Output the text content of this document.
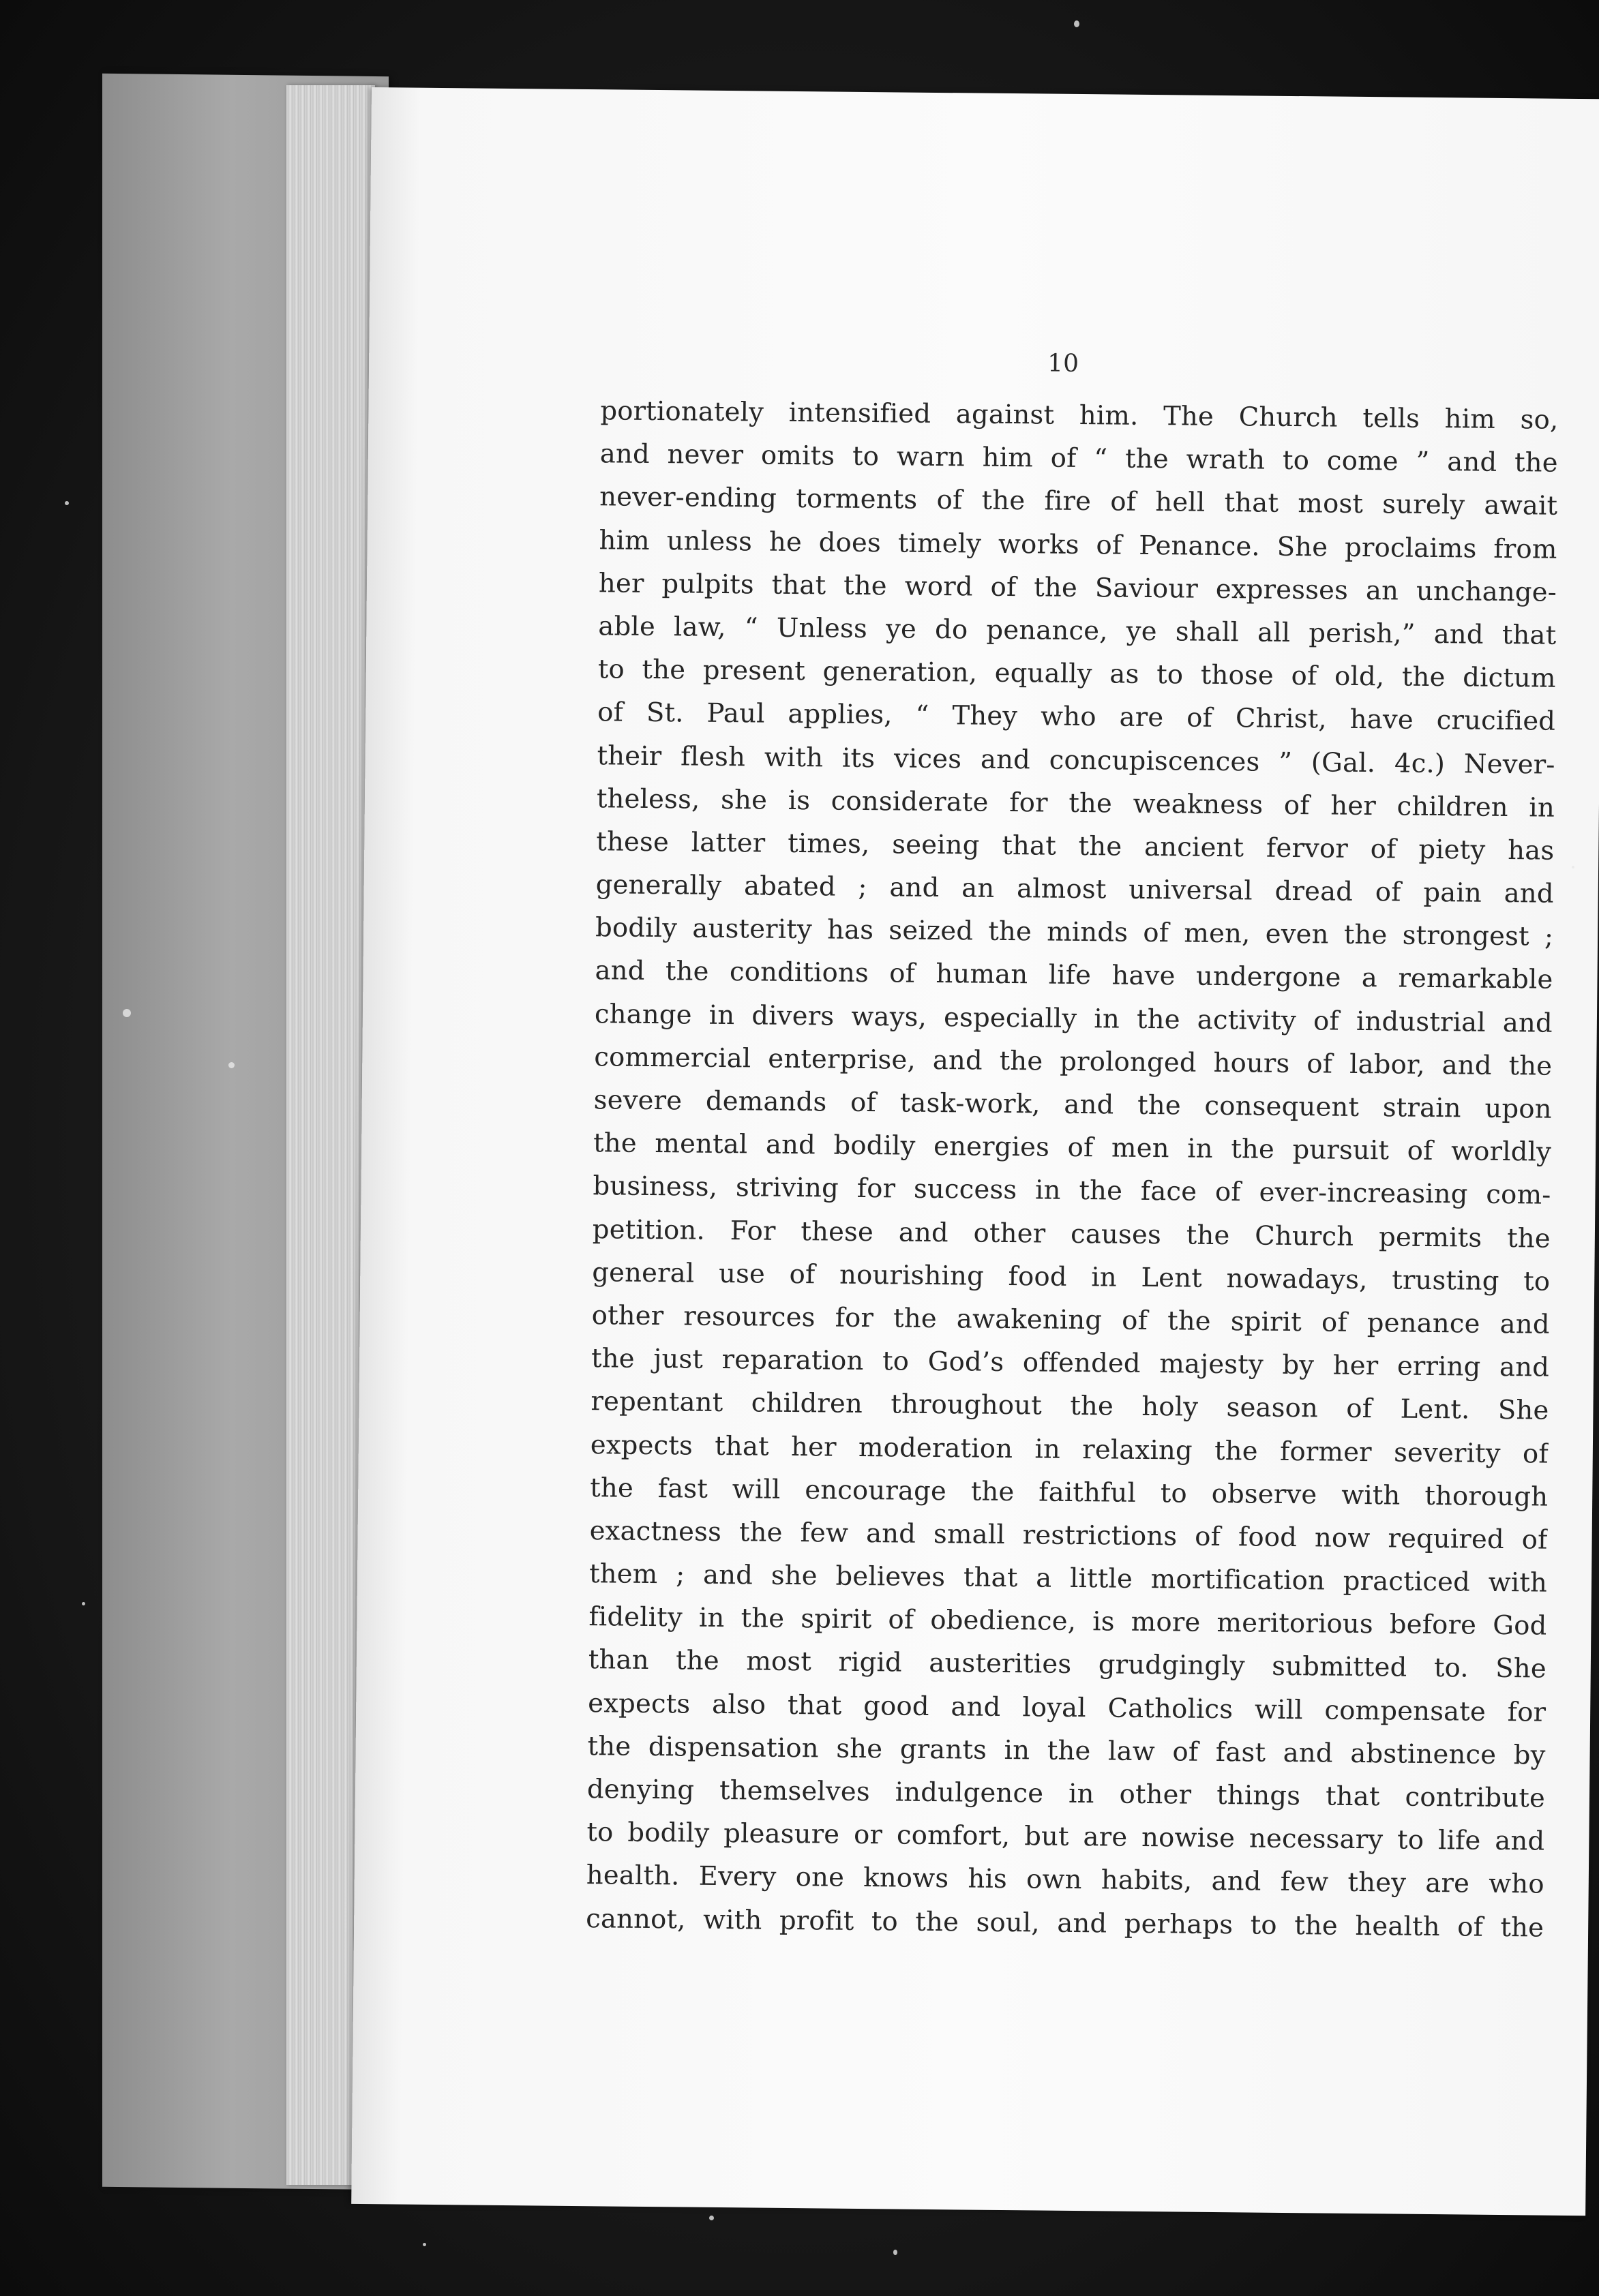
10
portionately intensified against him. The Church tells him so,
and never omits to warn him of “ the wrath to come ” and the
never-ending torments of the fire of hell that most surely await
him unless he does timely works of Penance. She proclaims from
her pulpits that the word of the Saviour expresses an unchange-
able law, “ Unless ye do penance, ye shall all perish,” and that
to the present generation, equally as to those of old, the dictum
of St. Paul applies, “ They who are of Christ, have crucified
their flesh with its vices and concupiscences ” (Gal. 4c.) Never-
theless, she is considerate for the weakness of her children in
these latter times, seeing that the ancient fervor of piety has
generally abated ; and an almost universal dread of pain and
bodily austerity has seized the minds of men, even the strongest ;
and the conditions of human life have undergone a remarkable
change in divers ways, especially in the activity of industrial and
commercial enterprise, and the prolonged hours of labor, and the
severe demands of task-work, and the consequent strain upon
the mental and bodily energies of men in the pursuit of worldly
business, striving for success in the face of ever-increasing com-
petition. For these and other causes the Church permits the
general use of nourishing food in Lent nowadays, trusting to
other resources for the awakening of the spirit of penance and
the just reparation to God’s offended majesty by her erring and
repentant children throughout the holy season of Lent. She
expects that her moderation in relaxing the former severity of
the fast will encourage the faithful to observe with thorough
exactness the few and small restrictions of food now required of
them ; and she believes that a little mortification practiced with
fidelity in the spirit of obedience, is more meritorious before God
than the most rigid austerities grudgingly submitted to. She
expects also that good and loyal Catholics will compensate for
the dispensation she grants in the law of fast and abstinence by
denying themselves indulgence in other things that contribute
to bodily pleasure or comfort, but are nowise necessary to life and
health. Every one knows his own habits, and few they are who
cannot, with profit to the soul, and perhaps to the health of the
